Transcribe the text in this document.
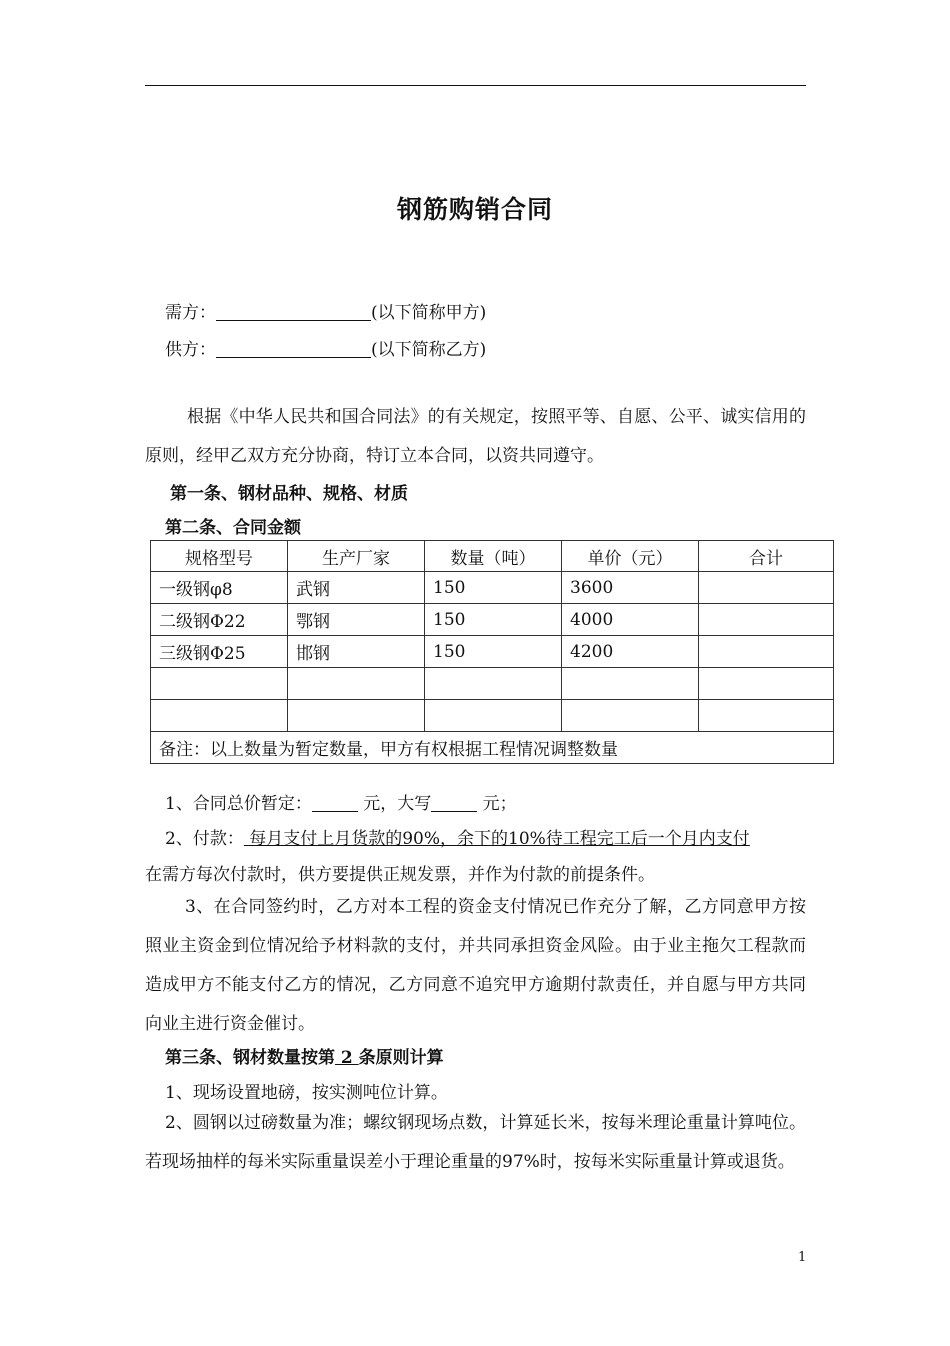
钢筋购销合同
需方：	(以下简称甲方)
供方：	(以下简称乙方)
根据《中华人民共和国合同法》的有关规定，按照平等、自愿、公平、诚实信用的原则，经甲乙双方充分协商，特订立本合同，以资共同遵守。
第一条、钢材品种、规格、材质
第二条、合同金额
规格型号	生产厂家	数量（吨）	单价（元）	合计
一级钢φ8	武钢	150	3600	
二级钢Φ22	鄂钢	150	4000	
三级钢Φ25	邯钢	150	4200	

备注：以上数量为暂定数量，甲方有权根据工程情况调整数量				
1、合同总价暂定：	元，大写	元；
2、付款： 每月支付上月货款的90%，余下的10%待工程完工后一个月内支付
在需方每次付款时，供方要提供正规发票，并作为付款的前提条件。
3、在合同签约时，乙方对本工程的资金支付情况已作充分了解，乙方同意甲方按照业主资金到位情况给予材料款的支付，并共同承担资金风险。由于业主拖欠工程款而造成甲方不能支付乙方的情况，乙方同意不追究甲方逾期付款责任，并自愿与甲方共同向业主进行资金催讨。
第三条、钢材数量按第 2 条原则计算
1、现场设置地磅，按实测吨位计算。
2、圆钢以过磅数量为准；螺纹钢现场点数，计算延长米，按每米理论重量计算吨位。若现场抽样的每米实际重量误差小于理论重量的97%时，按每米实际重量计算或退货。
1
